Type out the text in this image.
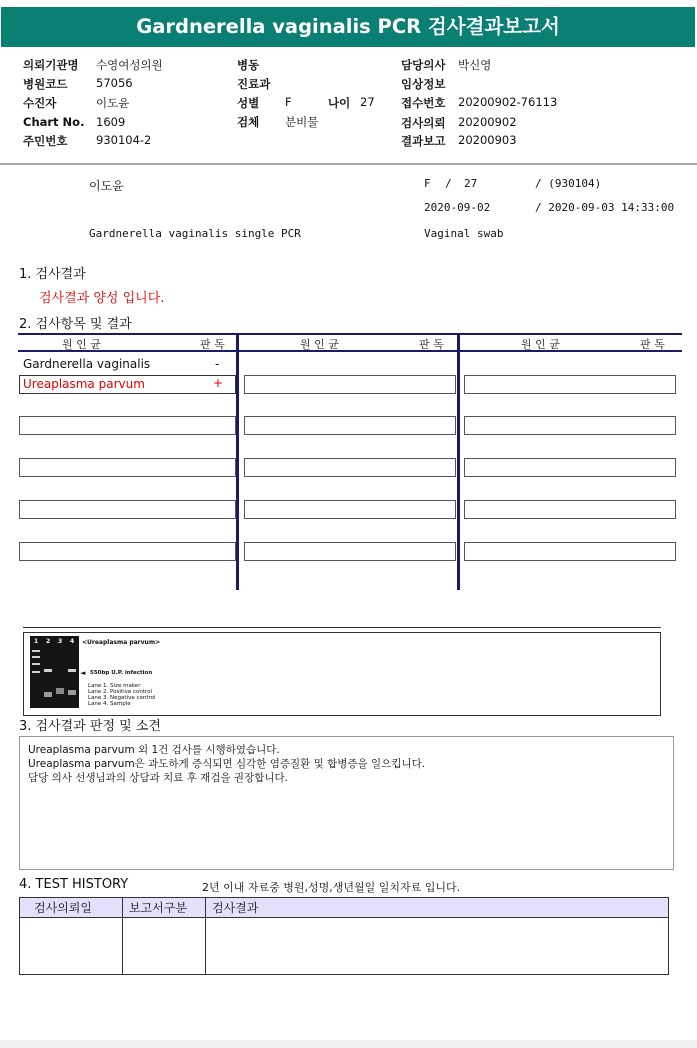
Gardnerella vaginalis PCR 검사결과보고서
의뢰기관명 수영여성의원
병원코드 57056
수진자	이도윤
Chart No. 1609
주민번호 930104-2
병동
진료과
성별 F	나이 27
검체 분비물
담당의사 박신영
임상정보
접수번호 20200902-76113
검사의뢰 20200902
결과보고 20200903
이도윤	F / 27	/ (930104)
2020-09-02	/ 2020-09-03 14:33:00
Gardnerella vaginalis single PCR	Vaginal swab
1. 검사결과
검사결과 양성 입니다.
2. 검사항목 및 결과
원 인 균	판 독	원 인 균	판 독	원 인 균	판 독
Gardnerella vaginalis	-
Ureaplasma parvum	+
1 2 3 4 <Ureaplasma parvum>
◄ 550bp U.P. infection
Lane 1. Size maker
Lane 2. Positive control
Lane 3. Negative control
Lane 4. Sample
3. 검사결과 판정 및 소견
Ureaplasma parvum 외 1건 검사를 시행하였습니다.
Ureaplasma parvum은 과도하게 증식되면 심각한 염증질환 및 합병증을 일으킵니다.
담당 의사 선생님과의 상담과 치료 후 재검을 권장합니다.
4. TEST HISTORY	2년 이내 자료중 병원,성명,생년월일 일치자료 입니다.
검사의뢰일	보고서구분	검사결과
